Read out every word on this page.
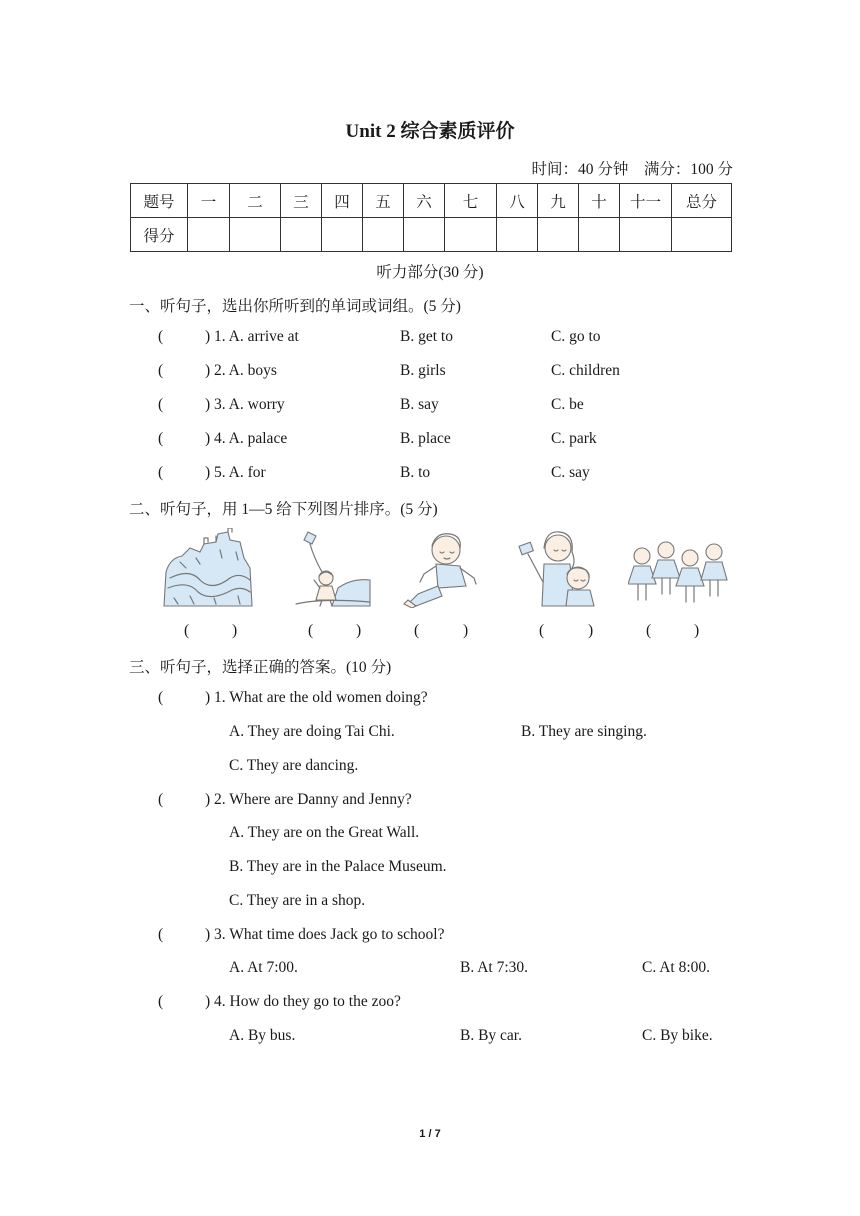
Unit 2 综合素质评价
时间：40 分钟　满分：100 分
题号	一	二	三	四	五	六	七	八	九	十	十一	总分
得分												
听力部分(30 分)
一、听句子，选出你所听到的单词或词组。(5 分)
(	) 1. A. arrive at	B. get to	C. go to
(	) 2. A. boys	B. girls	C. children
(	) 3. A. worry	B. say	C. be
(	) 4. A. palace	B. place	C. park
(	) 5. A. for	B. to	C. say
二、听句子，用 1—5 给下列图片排序。(5 分)
(	)	(	)	(	)	(	)	(	)
三、听句子，选择正确的答案。(10 分)
(	) 1. What are the old women doing?
A. They are doing Tai Chi.	B. They are singing.
C. They are dancing.
(	) 2. Where are Danny and Jenny?
A. They are on the Great Wall.
B. They are in the Palace Museum.
C. They are in a shop.
(	) 3. What time does Jack go to school?
A. At 7:00.	B. At 7:30.	C. At 8:00.
(	) 4. How do they go to the zoo?
A. By bus.	B. By car.	C. By bike.
1 / 7
